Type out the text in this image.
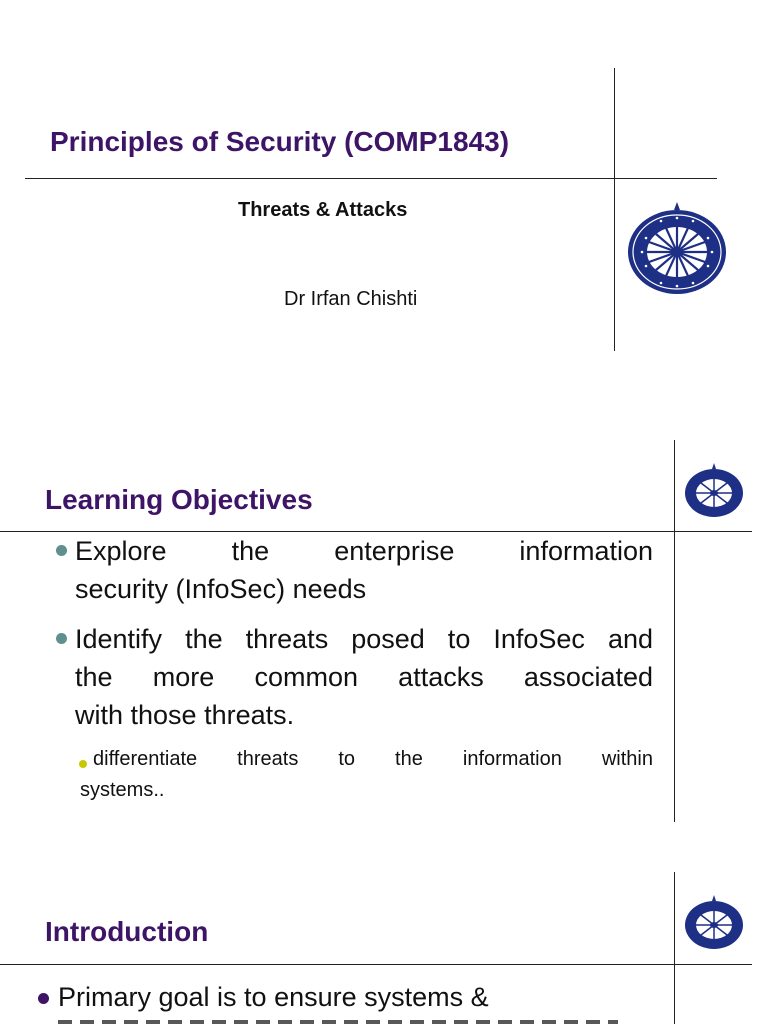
Principles of Security (COMP1843)
Threats & Attacks
Dr Irfan Chishti
Learning Objectives
Explore the enterprise information
security (InfoSec) needs
Identify the threats posed to InfoSec and
the more common attacks associated
with those threats.
differentiate threats to the information within
systems..
Introduction
Primary goal is to ensure systems &
